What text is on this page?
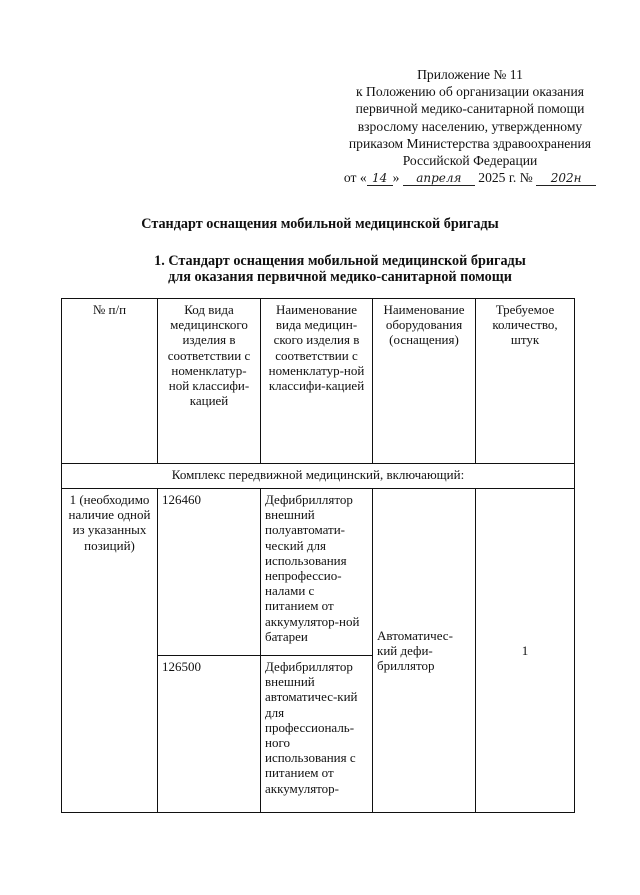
Приложение № 11
к Положению об организации оказания
первичной медико-санитарной помощи
взрослому населению, утвержденному
приказом Министерства здравоохранения
Российской Федерации
от « 14 » апреля 2025 г. № 202н
Стандарт оснащения мобильной медицинской бригады
1. Стандарт оснащения мобильной медицинской бригады
для оказания первичной медико-санитарной помощи
№ п/п	Код вида медицинского изделия в соответствии с номенклатур-ной классифи-кацией	Наименование вида медицин-ского изделия в соответствии с номенклатур-ной классифи-кацией	Наименование оборудования (оснащения)	Требуемое количество, штук
Комплекс передвижной медицинский, включающий:				
1 (необходимо наличие одной из указанных позиций)	126460	Дефибриллятор внешний полуавтомати-ческий для использования непрофессио-налами с питанием от аккумулятор-ной батареи	Автоматичес-кий дефи-бриллятор	1
	126500	Дефибриллятор внешний автоматичес-кий для профессиональ-ного использования с питанием от аккумулятор-		
